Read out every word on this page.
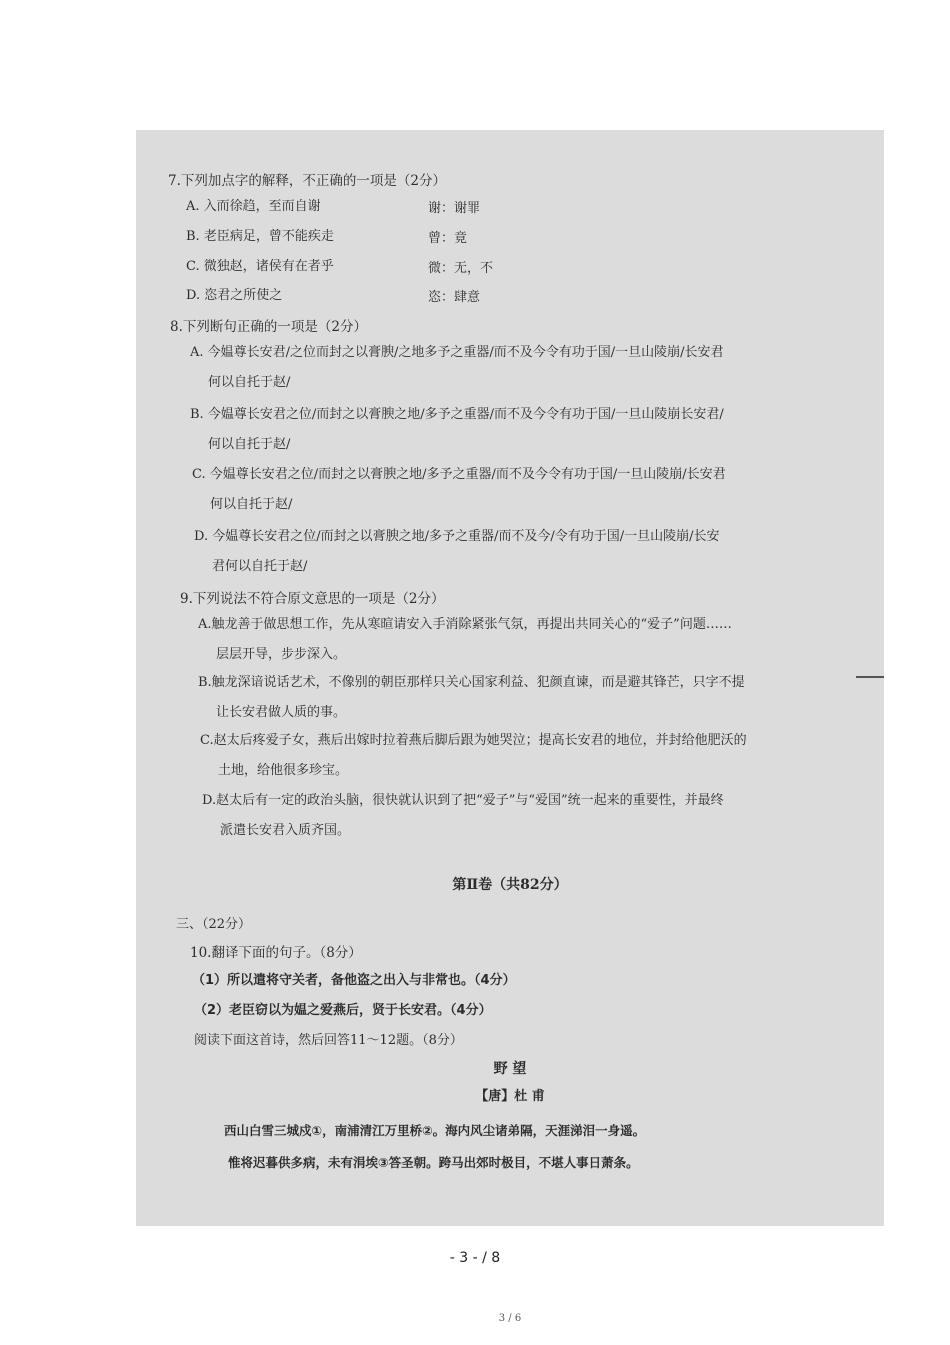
7.下列加点字的解释，不正确的一项是（2分）
A. 入而徐趋，至而自谢	谢：谢罪
B. 老臣病足，曾不能疾走	曾：竟
C. 微独赵，诸侯有在者乎	微：无，不
D. 恣君之所使之	恣：肆意
8.下列断句正确的一项是（2分）
A. 今媪尊长安君/之位而封之以膏腴/之地多予之重器/而不及今令有功于国/一旦山陵崩/长安君
何以自托于赵/
B. 今媪尊长安君之位/而封之以膏腴之地/多予之重器/而不及今令有功于国/一旦山陵崩长安君/
何以自托于赵/
C. 今媪尊长安君之位/而封之以膏腴之地/多予之重器/而不及今令有功于国/一旦山陵崩/长安君
何以自托于赵/
D. 今媪尊长安君之位/而封之以膏腴之地/多予之重器/而不及今/令有功于国/一旦山陵崩/长安
君何以自托于赵/
9.下列说法不符合原文意思的一项是（2分）
A.触龙善于做思想工作，先从寒暄请安入手消除紧张气氛，再提出共同关心的“爱子”问题……
层层开导，步步深入。
B.触龙深谙说话艺术，不像别的朝臣那样只关心国家利益、犯颜直谏，而是避其锋芒，只字不提
让长安君做人质的事。
C.赵太后疼爱子女，燕后出嫁时拉着燕后脚后跟为她哭泣；提高长安君的地位，并封给他肥沃的
土地，给他很多珍宝。
D.赵太后有一定的政治头脑，很快就认识到了把“爱子”与“爱国”统一起来的重要性，并最终
派遣长安君入质齐国。
第Ⅱ卷（共82分）
三、（22分）
10.翻译下面的句子。（8分）
（1）所以遣将守关者，备他盗之出入与非常也。（4分）
（2）老臣窃以为媪之爱燕后，贤于长安君。（4分）
阅读下面这首诗，然后回答11～12题。（8分）
野 望
【唐】杜 甫
西山白雪三城戍①，南浦清江万里桥②。海内风尘诸弟隔，天涯涕泪一身遥。
惟将迟暮供多病，未有涓埃③答圣朝。跨马出郊时极目，不堪人事日萧条。
3 / 6
- 3 - / 8
